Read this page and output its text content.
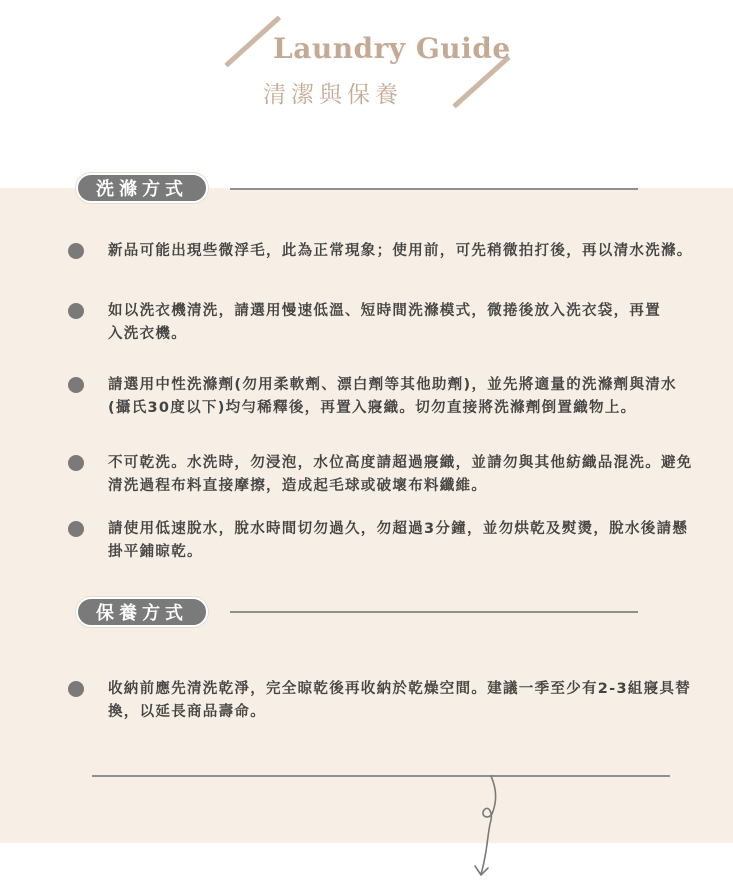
Laundry Guide
清潔與保養
洗滌方式
新品可能出現些微浮毛，此為正常現象；使用前，可先稍微拍打後，再以清水洗滌。
如以洗衣機清洗，請選用慢速低溫、短時間洗滌模式，微捲後放入洗衣袋，再置入洗衣機。
請選用中性洗滌劑(勿用柔軟劑、漂白劑等其他助劑)，並先將適量的洗滌劑與清水(攝氏30度以下)均勻稀釋後，再置入寢織。切勿直接將洗滌劑倒置織物上。
不可乾洗。水洗時，勿浸泡，水位高度請超過寢織，並請勿與其他紡織品混洗。避免清洗過程布料直接摩擦，造成起毛球或破壞布料纖維。
請使用低速脫水，脫水時間切勿過久，勿超過3分鐘，並勿烘乾及熨燙，脫水後請懸掛平鋪晾乾。
保養方式
收納前應先清洗乾淨，完全晾乾後再收納於乾燥空間。建議一季至少有2-3組寢具替換，以延長商品壽命。
